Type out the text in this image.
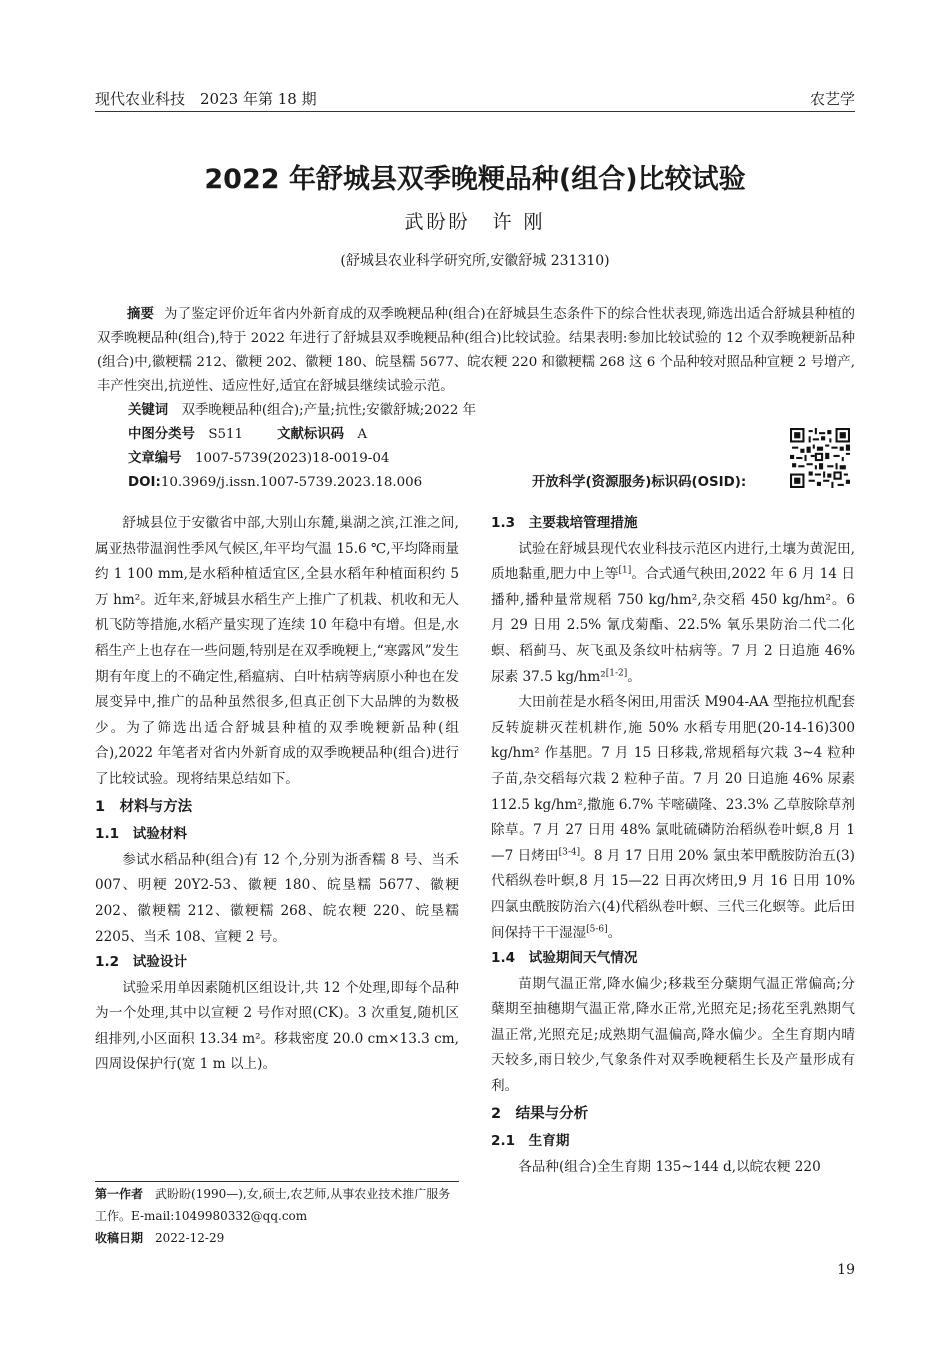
现代农业科技　2023 年第 18 期	农艺学
2022 年舒城县双季晚粳品种(组合)比较试验
武盼盼　许 刚
(舒城县农业科学研究所,安徽舒城 231310)
摘要 为了鉴定评价近年省内外新育成的双季晚粳品种(组合)在舒城县生态条件下的综合性状表现,筛选出适合舒城县种植的双季晚粳品种(组合),特于 2022 年进行了舒城县双季晚粳品种(组合)比较试验。结果表明:参加比较试验的 12 个双季晚粳新品种(组合)中,徽粳糯 212、徽粳 202、徽粳 180、皖垦糯 5677、皖农粳 220 和徽粳糯 268 这 6 个品种较对照品种宣粳 2 号增产,丰产性突出,抗逆性、适应性好,适宜在舒城县继续试验示范。
关键词　 双季晚粳品种(组合);产量;抗性;安徽舒城;2022 年
中图分类号　 S511	文献标识码　 A
文章编号　 1007-5739(2023)18-0019-04
DOI:10.3969/j.issn.1007-5739.2023.18.006	开放科学(资源服务)标识码(OSID):

舒城县位于安徽省中部,大别山东麓,巢湖之滨,江淮之间,属亚热带温润性季风气候区,年平均气温 15.6 ℃,平均降雨量约 1 100 mm,是水稻种植适宜区,全县水稻年种植面积约 5 万 hm²。近年来,舒城县水稻生产上推广了机栽、机收和无人机飞防等措施,水稻产量实现了连续 10 年稳中有增。但是,水稻生产上也存在一些问题,特别是在双季晚粳上,“寒露风”发生期有年度上的不确定性,稻瘟病、白叶枯病等病原小种也在发展变异中,推广的品种虽然很多,但真正创下大品牌的为数极少。为了筛选出适合舒城县种植的双季晚粳新品种(组合),2022 年笔者对省内外新育成的双季晚粳品种(组合)进行了比较试验。现将结果总结如下。

1　材料与方法
1.1　试验材料

参试水稻品种(组合)有 12 个,分别为浙香糯 8 号、当禾 007、明粳 20Y2-53、徽粳 180、皖垦糯 5677、徽粳 202、徽粳糯 212、徽粳糯 268、皖农粳 220、皖垦糯 2205、当禾 108、宣粳 2 号。

1.2　试验设计

试验采用单因素随机区组设计,共 12 个处理,即每个品种为一个处理,其中以宣粳 2 号作对照(CK)。3 次重复,随机区组排列,小区面积 13.34 m²。移栽密度 20.0 cm×13.3 cm,四周设保护行(宽 1 m 以上)。

第一作者　 武盼盼(1990—),女,硕士,农艺师,从事农业技术推广服务工作。E-mail:1049980332@qq.com
收稿日期　 2022-12-29
1.3　主要栽培管理措施

试验在舒城县现代农业科技示范区内进行,土壤为黄泥田,质地黏重,肥力中上等[1]。合式通气秧田,2022 年 6 月 14 日播种,播种量常规稻 750 kg/hm²,杂交稻 450 kg/hm²。6 月 29 日用 2.5% 氰戊菊酯、22.5% 氧乐果防治二代二化螟、稻蓟马、灰飞虱及条纹叶枯病等。7 月 2 日追施 46% 尿素 37.5 kg/hm²[1-2]。

大田前茬是水稻冬闲田,用雷沃 M904-AA 型拖拉机配套反转旋耕灭茬机耕作,施 50% 水稻专用肥(20-14-16)300 kg/hm² 作基肥。7 月 15 日移栽,常规稻每穴栽 3~4 粒种子苗,杂交稻每穴栽 2 粒种子苗。7 月 20 日追施 46% 尿素 112.5 kg/hm²,撒施 6.7% 苄嘧磺隆、23.3% 乙草胺除草剂除草。7 月 27 日用 48% 氯吡硫磷防治稻纵卷叶螟,8 月 1—7 日烤田[3-4]。8 月 17 日用 20% 氯虫苯甲酰胺防治五(3)代稻纵卷叶螟,8 月 15—22 日再次烤田,9 月 16 日用 10% 四氯虫酰胺防治六(4)代稻纵卷叶螟、三代三化螟等。此后田间保持干干湿湿[5-6]。

1.4　试验期间天气情况

苗期气温正常,降水偏少;移栽至分蘖期气温正常偏高;分蘖期至抽穗期气温正常,降水正常,光照充足;扬花至乳熟期气温正常,光照充足;成熟期气温偏高,降水偏少。全生育期内晴天较多,雨日较少,气象条件对双季晚粳稻生长及产量形成有利。

2　结果与分析
2.1　生育期

各品种(组合)全生育期 135~144 d,以皖农粳 220

19
